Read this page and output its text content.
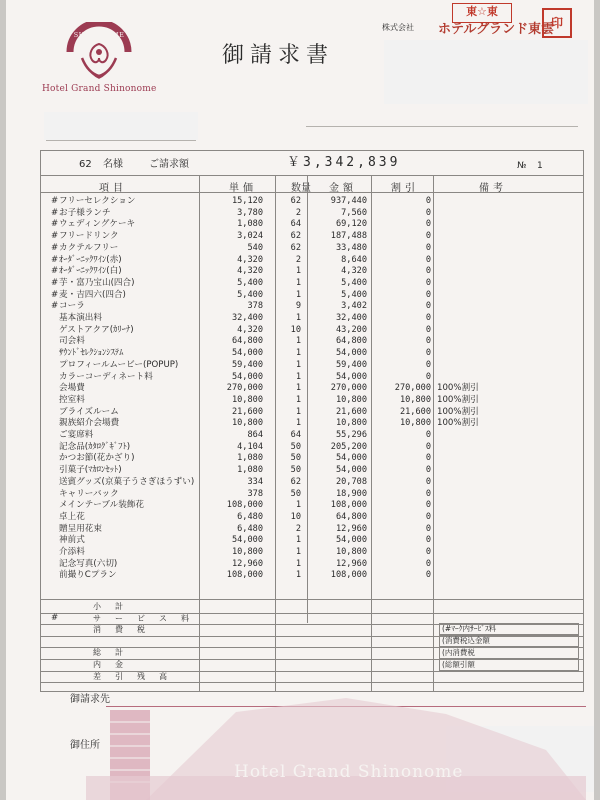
SHINONOME
Hotel Grand Shinonome
御請求書
東☆東
株式会社 ホテルグランド東雲
印
62 名様	ご請求額	￥3,342,839	№ 1
項目	単価	数量 金額	割引	備考
# フリーセレクション	15,120	62	937,440	0
# お子様ランチ	3,780	2	7,560	0
# ウェディングケーキ	1,080	64	69,120	0
# フリードリンク	3,024	62	187,488	0
# カクテルフリー	540	62	33,480	0
# ｵｰﾀﾞｰﾆｯｸﾜｲﾝ(赤)	4,320	2	8,640	0
# ｵｰﾀﾞｰﾆｯｸﾜｲﾝ(白)	4,320	1	4,320	0
# 芋・富乃宝山(四合)	5,400	1	5,400	0
# 麦・吉四六(四合)	5,400	1	5,400	0
# コーラ	378	9	3,402	0
基本演出料	32,400	1	32,400	0
ゲストアクア(ｶﾘｰﾅ)	4,320	10	43,200	0
司会料	64,800	1	64,800	0
ｻｳﾝﾄﾞｾﾚｸｼｮﾝｼｽﾃﾑ	54,000	1	54,000	0
プロフィールムービー(POPUP)	59,400	1	59,400	0
カラーコーディネート料	54,000	1	54,000	0
会場費	270,000	1	270,000	270,000 100%割引
控室料	10,800	1	10,800	10,800 100%割引
ブライズルーム	21,600	1	21,600	21,600 100%割引
親族紹介会場費	10,800	1	10,800	10,800 100%割引
ご宴席料	864	64	55,296	0
記念品(ｶﾀﾛｸﾞｷﾞﾌﾄ)	4,104	50	205,200	0
かつお節(花かざり)	1,080	50	54,000	0
引菓子(ﾏｶﾛﾝｾｯﾄ)	1,080	50	54,000	0
送賓グッズ(京菓子うさぎほうずい)	334	62	20,708	0
キャリーバック	378	50	18,900	0
メインテーブル装飾花	108,000	1	108,000	0
卓上花	6,480	10	64,800	0
贈呈用花束	6,480	2	12,960	0
神前式	54,000	1	54,000	0
介添料	10,800	1	10,800	0
記念写真(六切)	12,960	1	12,960	0
前撮りCプラン	108,000	1	108,000	0
小計
#	サービス料
消費税
総計
内金
差引残高
(#ﾏｰｸ内ｻｰﾋﾞｽ料
(消費税込金額
(内消費税
(総額引額
御請求先
御住所
Hotel Grand Shinonome
